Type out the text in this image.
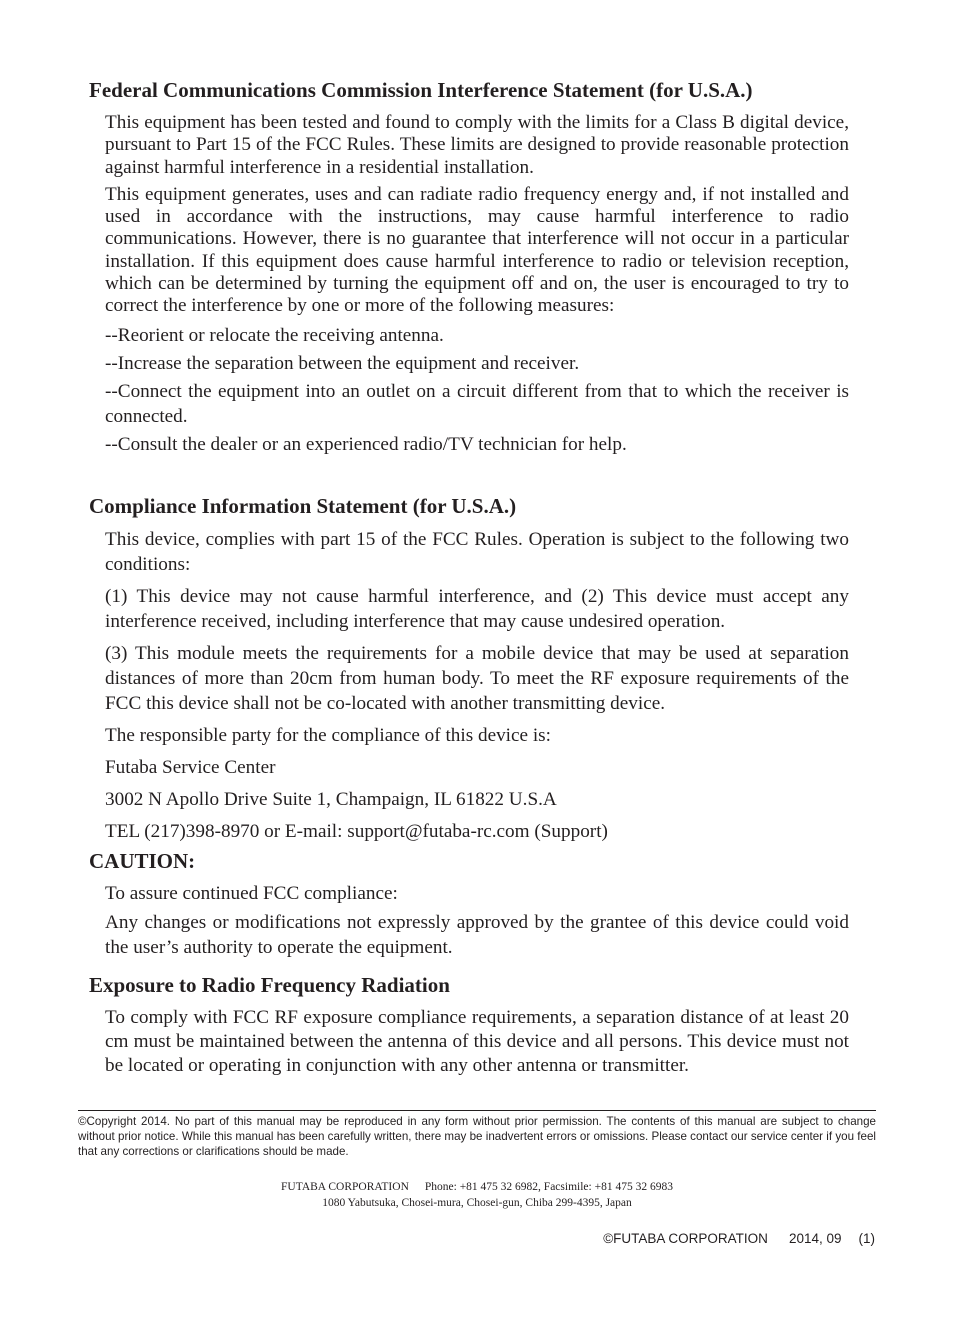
Federal Communications Commission Interference Statement (for U.S.A.)

This equipment has been tested and found to comply with the limits for a Class B digital device, pursuant to Part 15 of the FCC Rules. These limits are designed to provide reasonable protection against harmful interference in a residential installation.

This equipment generates, uses and can radiate radio frequency energy and, if not installed and used in accordance with the instructions, may cause harmful interference to radio communications. However, there is no guarantee that interference will not occur in a particular installation. If this equipment does cause harmful interference to radio or television reception, which can be determined by turning the equipment off and on, the user is encouraged to try to correct the interference by one or more of the following measures:

--Reorient or relocate the receiving antenna.

--Increase the separation between the equipment and receiver.

--Connect the equipment into an outlet on a circuit different from that to which the receiver is connected.

--Consult the dealer or an experienced radio/TV technician for help.

Compliance Information Statement (for U.S.A.)

This device, complies with part 15 of the FCC Rules. Operation is subject to the following two conditions:

(1) This device may not cause harmful interference, and (2) This device must accept any interference received, including interference that may cause undesired operation.

(3) This module meets the requirements for a mobile device that may be used at separation distances of more than 20cm from human body. To meet the RF exposure requirements of the FCC this device shall not be co-located with another transmitting device.

The responsible party for the compliance of this device is:

Futaba Service Center

3002 N Apollo Drive Suite 1, Champaign, IL 61822 U.S.A

TEL (217)398-8970 or E-mail: support@futaba-rc.com (Support)

CAUTION:

To assure continued FCC compliance:

Any changes or modifications not expressly approved by the grantee of this device could void the user’s authority to operate the equipment.

Exposure to Radio Frequency Radiation

To comply with FCC RF exposure compliance requirements, a separation distance of at least 20 cm must be maintained between the antenna of this device and all persons. This device must not be located or operating in conjunction with any other antenna or transmitter.

©Copyright 2014. No part of this manual may be reproduced in any form without prior permission. The contents of this manual are subject to change without prior notice. While this manual has been carefully written, there may be inadvertent errors or omissions. Please contact our service center if you feel that any corrections or clarifications should be made.

FUTABA CORPORATION Phone: +81 475 32 6982, Facsimile: +81 475 32 6983

1080 Yabutsuka, Chosei-mura, Chosei-gun, Chiba 299-4395, Japan

©FUTABA CORPORATION 2014, 09 (1)
